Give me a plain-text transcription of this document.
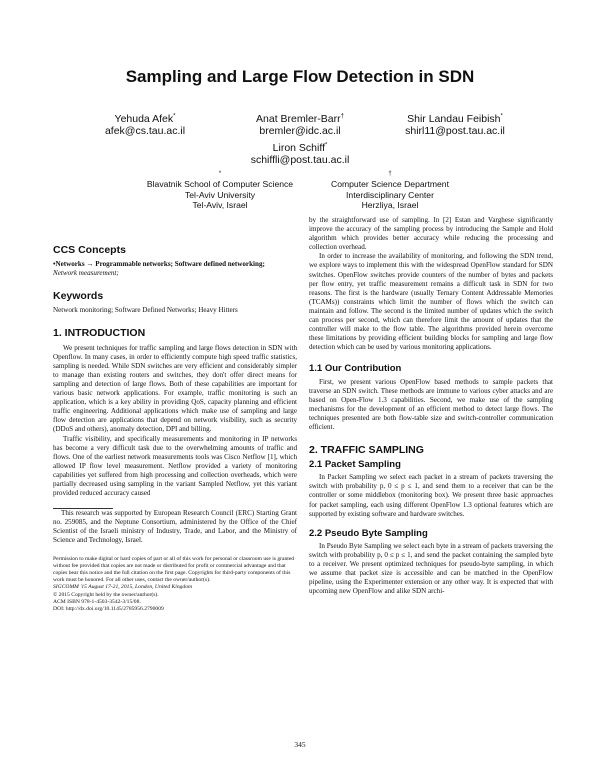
Sampling and Large Flow Detection in SDN
Yehuda Afek*
afek@cs.tau.ac.il
Anat Bremler-Barr†
bremler@idc.ac.il
Shir Landau Feibish*
shirl11@post.tau.ac.il
Liron Schiff*
schiffli@post.tau.ac.il
*
Blavatnik School of Computer Science
Tel-Aviv University
Tel-Aviv, Israel
†
Computer Science Department
Interdisciplinary Center
Herzliya, Israel
CCS Concepts
•Networks → Programmable networks; Software defined networking;
Network measurement;
Keywords

Network monitoring; Software Defined Networks; Heavy Hitters

1. INTRODUCTION

We present techniques for traffic sampling and large flows detection in SDN with Openflow. In many cases, in order to efficiently compute high speed traffic statistics, sampling is needed. While SDN switches are very efficient and considerably simpler to manage than existing routers and switches, they don't offer direct means for sampling and detection of large flows. Both of these capabilities are important for various basic network applications. For example, traffic monitoring is such an application, which is a key ability in providing QoS, capacity planning and efficient traffic engineering. Additional applications which make use of sampling and large flow detection are applications that depend on network visibility, such as security (DDoS and others), anomaly detection, DPI and billing.

Traffic visibility, and specifically measurements and monitoring in IP networks has become a very difficult task due to the overwhelming amounts of traffic and flows. One of the earliest network measurements tools was Cisco Netflow [1], which allowed IP flow level measurement. Netflow provided a variety of monitoring capabilities yet suffered from high processing and collection overheads, which were partially decreased using sampling in the variant Sampled Netflow, yet this variant provided reduced accuracy caused

This research was supported by European Research Council (ERC) Starting Grant no. 259085, and the Neptune Consortium, administered by the Office of the Chief Scientist of the Israeli ministry of Industry, Trade, and Labor, and the Ministry of Science and Technology, Israel.

Permission to make digital or hard copies of part or all of this work for personal or classroom use is granted without fee provided that copies are not made or distributed for profit or commercial advantage and that copies bear this notice and the full citation on the first page. Copyrights for third-party components of this work must be honored. For all other uses, contact the owner/author(s).

SIGCOMM '15 August 17-21, 2015, London, United Kingdom

© 2015 Copyright held by the owner/author(s).

ACM ISBN 978-1-4503-3542-3/15/08.

DOI: http://dx.doi.org/10.1145/2785956.2790009

by the straightforward use of sampling. In [2] Estan and Varghese significantly improve the accuracy of the sampling process by introducing the Sample and Hold algorithm which provides better accuracy while reducing the processing and collection overhead.

In order to increase the availability of monitoring, and following the SDN trend, we explore ways to implement this with the widespread OpenFlow standard for SDN switches. OpenFlow switches provide counters of the number of bytes and packets per flow entry, yet traffic measurement remains a difficult task in SDN for two reasons. The first is the hardware (usually Ternary Content Addressable Memories (TCAMs)) constraints which limit the number of flows which the switch can maintain and follow. The second is the limited number of updates which the switch can process per second, which can therefore limit the amount of updates that the controller will make to the flow table. The algorithms provided herein overcome these limitations by providing efficient building blocks for sampling and large flow detection which can be used by various monitoring applications.

1.1 Our Contribution

First, we present various OpenFlow based methods to sample packets that traverse an SDN switch. These methods are immune to various cyber attacks and are based on Open-Flow 1.3 capabilities. Second, we make use of the sampling mechanisms for the development of an efficient method to detect large flows. The techniques presented are both flow-table size and switch-controller communication efficient.

2. TRAFFIC SAMPLING
2.1 Packet Sampling

In Packet Sampling we select each packet in a stream of packets traversing the switch with probability p, 0 ≤ p ≤ 1, and send them to a receiver that can be the controller or some middlebox (monitoring box). We present three basic approaches for packet sampling, each using different OpenFlow 1.3 optional features which are supported by existing software and hardware switches.

2.2 Pseudo Byte Sampling

In Pseudo Byte Sampling we select each byte in a stream of packets traversing the switch with probability p, 0 ≤ p ≤ 1, and send the packet containing the sampled byte to a receiver. We present optimized techniques for pseudo-byte sampling, in which we assume that packet size is accessible and can be matched in the OpenFlow pipeline, using the Experimenter extension or any other way. It is expected that with upcoming new OpenFlow and alike SDN archi-

345
